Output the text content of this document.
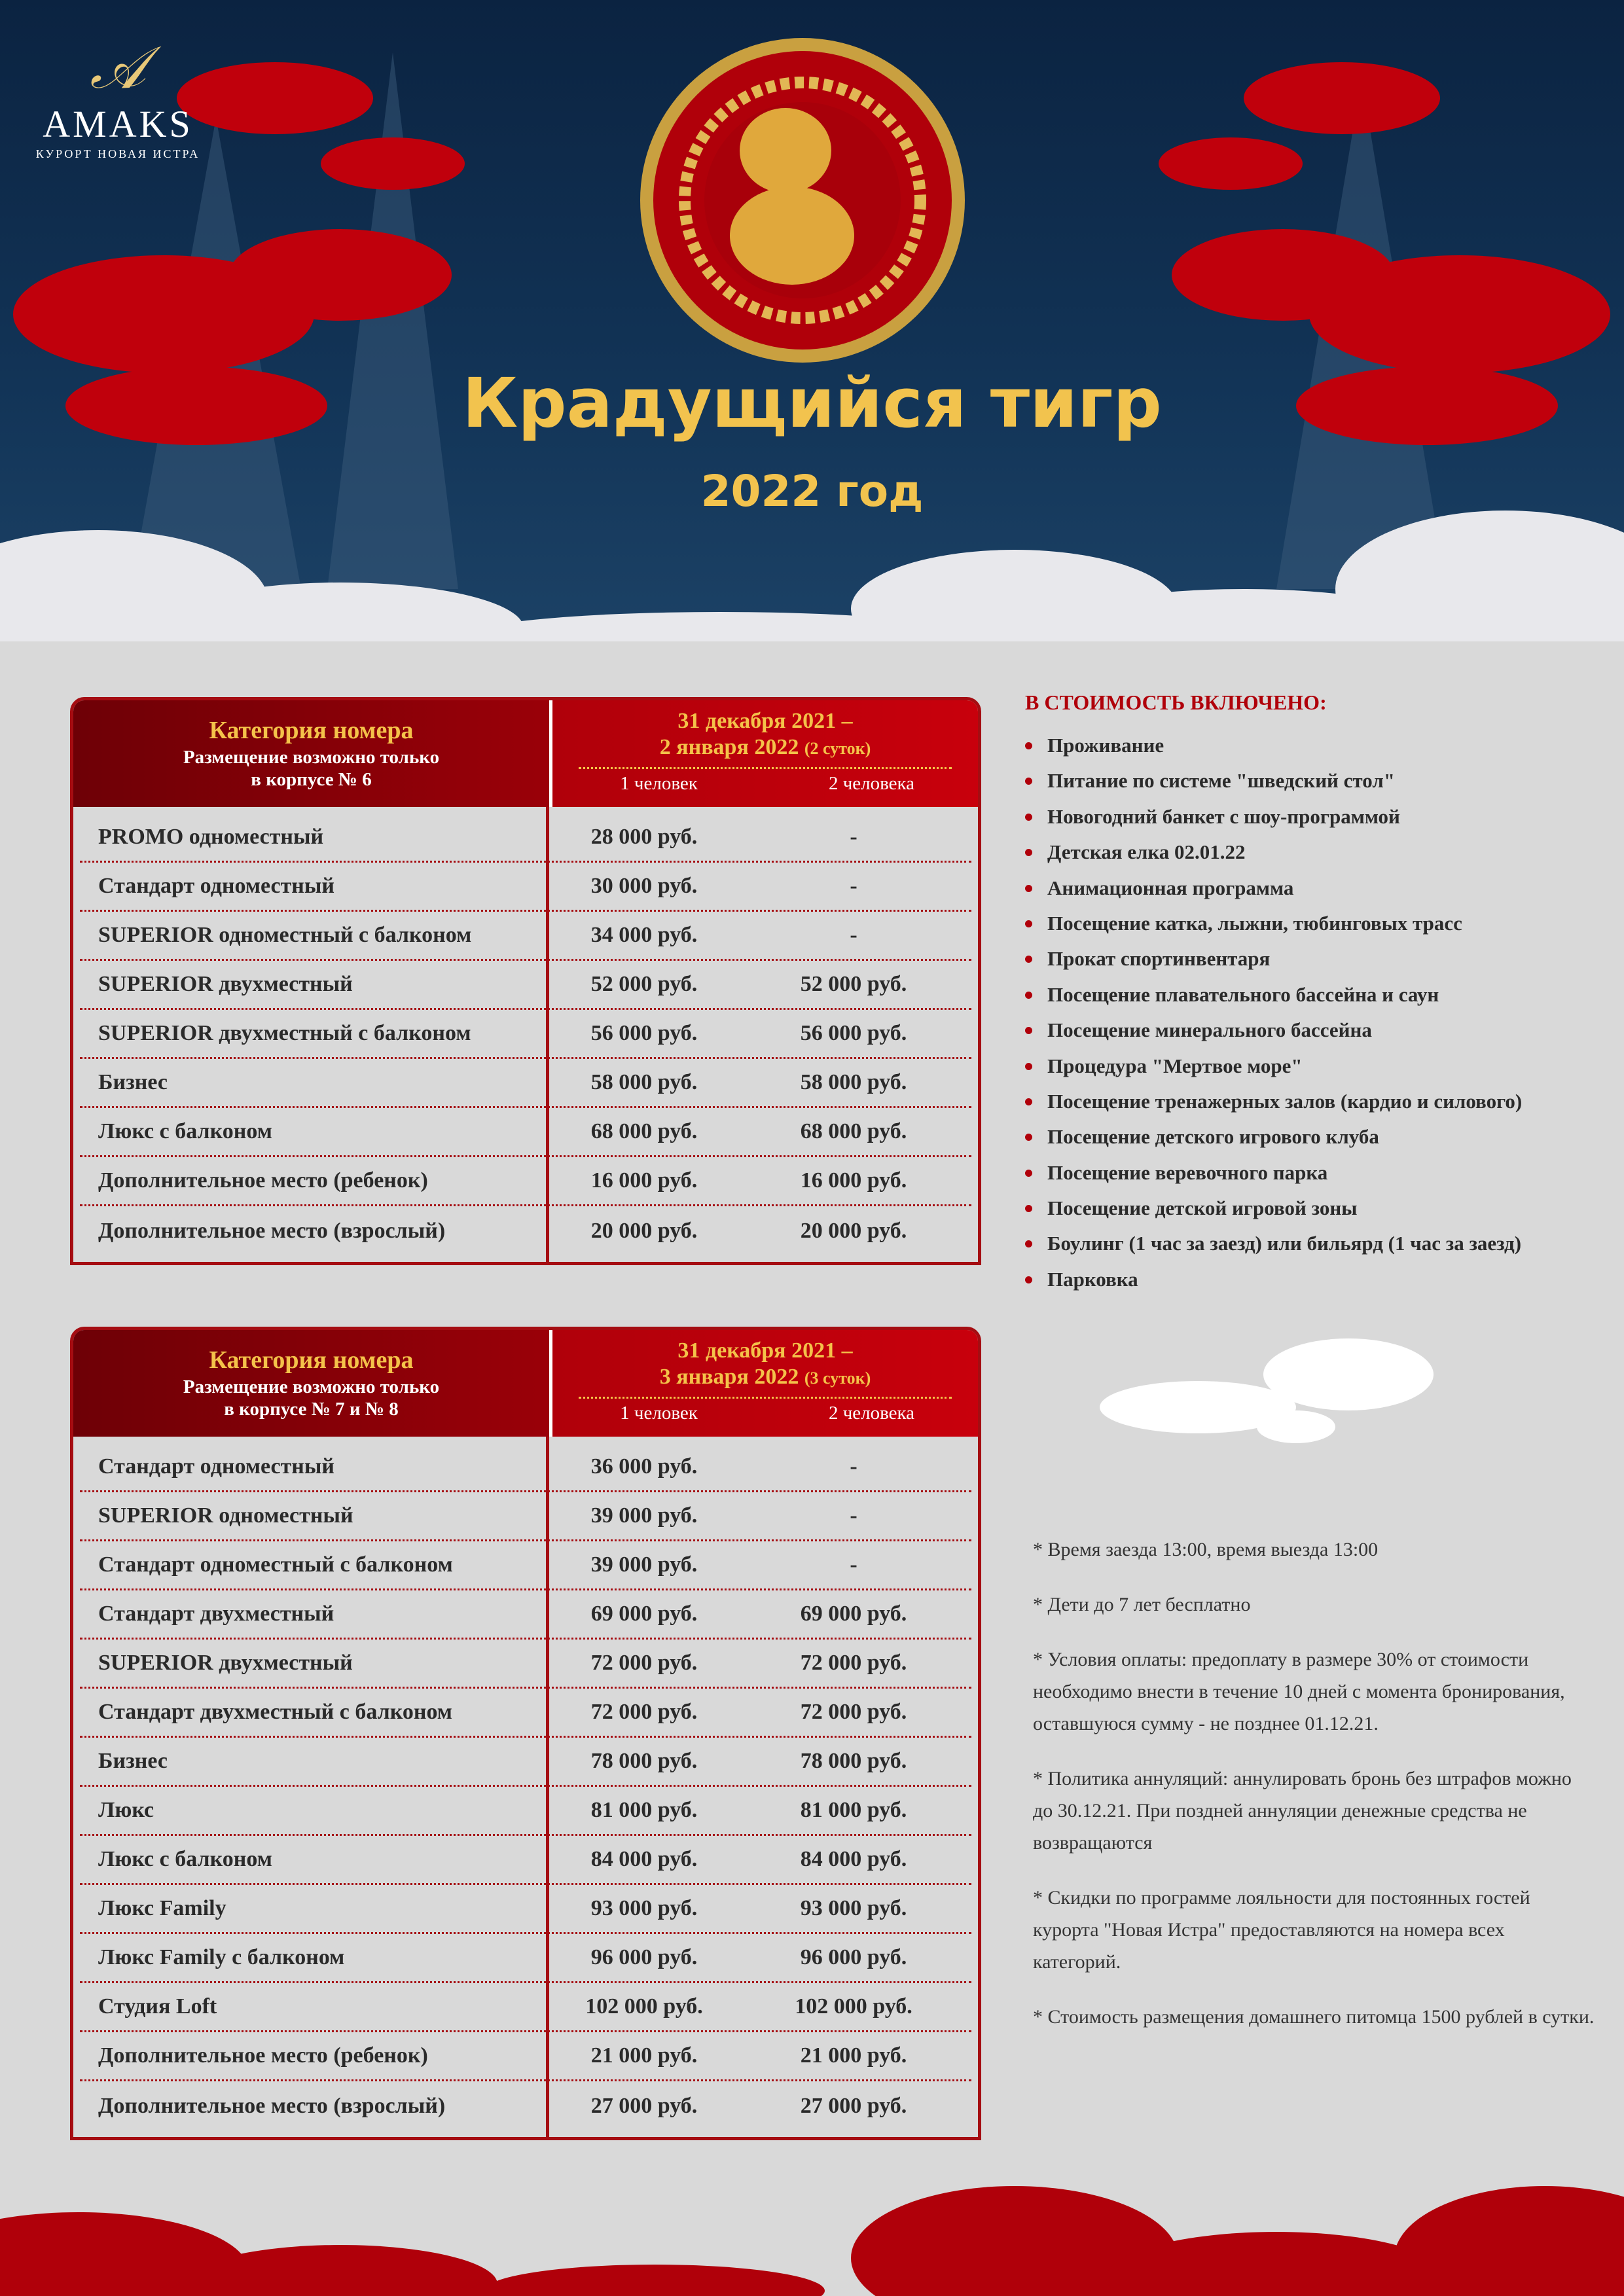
𝒜
AMAKS
КУРОРТ НОВАЯ ИСТРА
Крадущийся тигр
2022 год
Категория номера
Размещение возможно только
в корпусе № 6
31 декабря 2021 –
2 января 2022 (2 суток)
1 человек	2 человека
PROMO одноместный	28 000 руб.	-
Стандарт одноместный	30 000 руб.	-
SUPERIOR одноместный с балконом	34 000 руб.	-
SUPERIOR двухместный	52 000 руб.	52 000 руб.
SUPERIOR двухместный с балконом	56 000 руб.	56 000 руб.
Бизнес	58 000 руб.	58 000 руб.
Люкс с балконом	68 000 руб.	68 000 руб.
Дополнительное место (ребенок)	16 000 руб.	16 000 руб.
Дополнительное место (взрослый)	20 000 руб.	20 000 руб.
Категория номера
Размещение возможно только
в корпусе № 7 и № 8
31 декабря 2021 –
3 января 2022 (3 суток)
1 человек	2 человека
Стандарт одноместный	36 000 руб.	-
SUPERIOR одноместный	39 000 руб.	-
Стандарт одноместный с балконом	39 000 руб.	-
Стандарт двухместный	69 000 руб.	69 000 руб.
SUPERIOR двухместный	72 000 руб.	72 000 руб.
Стандарт двухместный с балконом	72 000 руб.	72 000 руб.
Бизнес	78 000 руб.	78 000 руб.
Люкс	81 000 руб.	81 000 руб.
Люкс с балконом	84 000 руб.	84 000 руб.
Люкс Family	93 000 руб.	93 000 руб.
Люкс Family с балконом	96 000 руб.	96 000 руб.
Студия Loft	102 000 руб.	102 000 руб.
Дополнительное место (ребенок)	21 000 руб.	21 000 руб.
Дополнительное место (взрослый)	27 000 руб.	27 000 руб.
В СТОИМОСТЬ ВКЛЮЧЕНО:
Проживание
Питание по системе "шведский стол"
Новогодний банкет с шоу-программой
Детская елка 02.01.22
Анимационная программа
Посещение катка, лыжни, тюбинговых трасс
Прокат спортинвентаря
Посещение плавательного бассейна и саун
Посещение минерального бассейна
Процедура "Мертвое море"
Посещение тренажерных залов (кардио и силового)
Посещение детского игрового клуба
Посещение веревочного парка
Посещение детской игровой зоны
Боулинг (1 час за заезд) или бильярд (1 час за заезд)
Парковка

* Время заезда 13:00, время выезда 13:00

* Дети до 7 лет бесплатно

* Условия оплаты: предоплату в размере 30% от стоимости необходимо внести в течение 10 дней с момента бронирования, оставшуюся сумму - не позднее 01.12.21.

* Политика аннуляций: аннулировать бронь без штрафов можно до 30.12.21. При поздней аннуляции денежные средства не возвращаются

* Скидки по программе лояльности для постоянных гостей курорта "Новая Истра" предоставляются на номера всех категорий.

* Стоимость размещения домашнего питомца 1500 рублей в сутки.
